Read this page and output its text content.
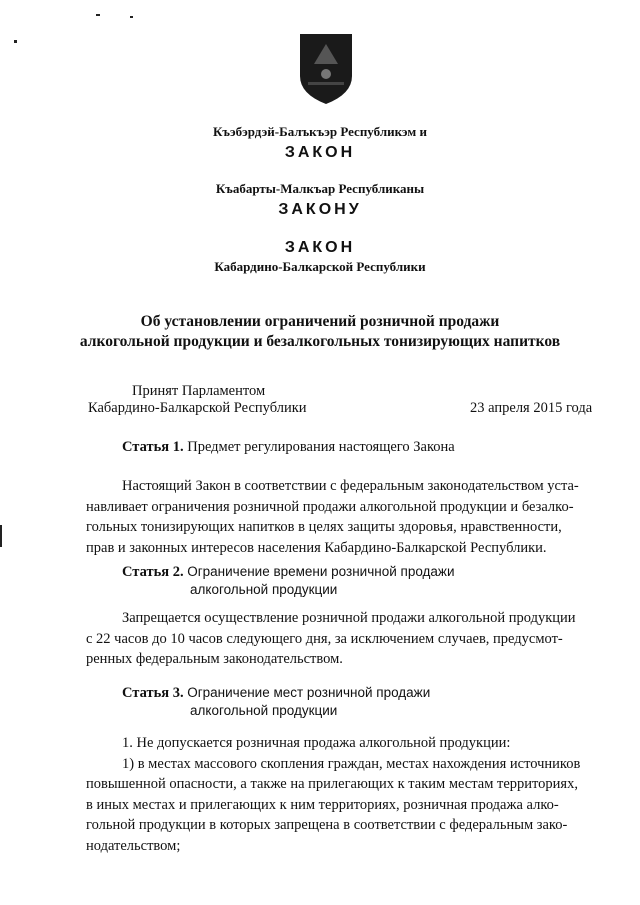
Къэбэрдэй-Балъкъэр Республикэм и
ЗАКОН
Къабарты-Малкъар Республиканы
ЗАКОНУ
ЗАКОН
Кабардино-Балкарской Республики
Об установлении ограничений розничной продажи
алкогольной продукции и безалкогольных тонизирующих напитков
Принят Парламентом
Кабардино-Балкарской Республики	23 апреля 2015 года
Статья 1. Предмет регулирования настоящего Закона
Настоящий Закон в соответствии с федеральным законодательством уста-
навливает ограничения розничной продажи алкогольной продукции и безалко-
гольных тонизирующих напитков в целях защиты здоровья, нравственности,
прав и законных интересов населения Кабардино-Балкарской Республики.
Статья 2. Ограничение времени розничной продажи
алкогольной продукции
Запрещается осуществление розничной продажи алкогольной продукции
с 22 часов до 10 часов следующего дня, за исключением случаев, предусмот-
ренных федеральным законодательством.
Статья 3. Ограничение мест розничной продажи
алкогольной продукции
1. Не допускается розничная продажа алкогольной продукции:
1) в местах массового скопления граждан, местах нахождения источников
повышенной опасности, а также на прилегающих к таким местам территориях,
в иных местах и прилегающих к ним территориях, розничная продажа алко-
гольной продукции в которых запрещена в соответствии с федеральным зако-
нодательством;
